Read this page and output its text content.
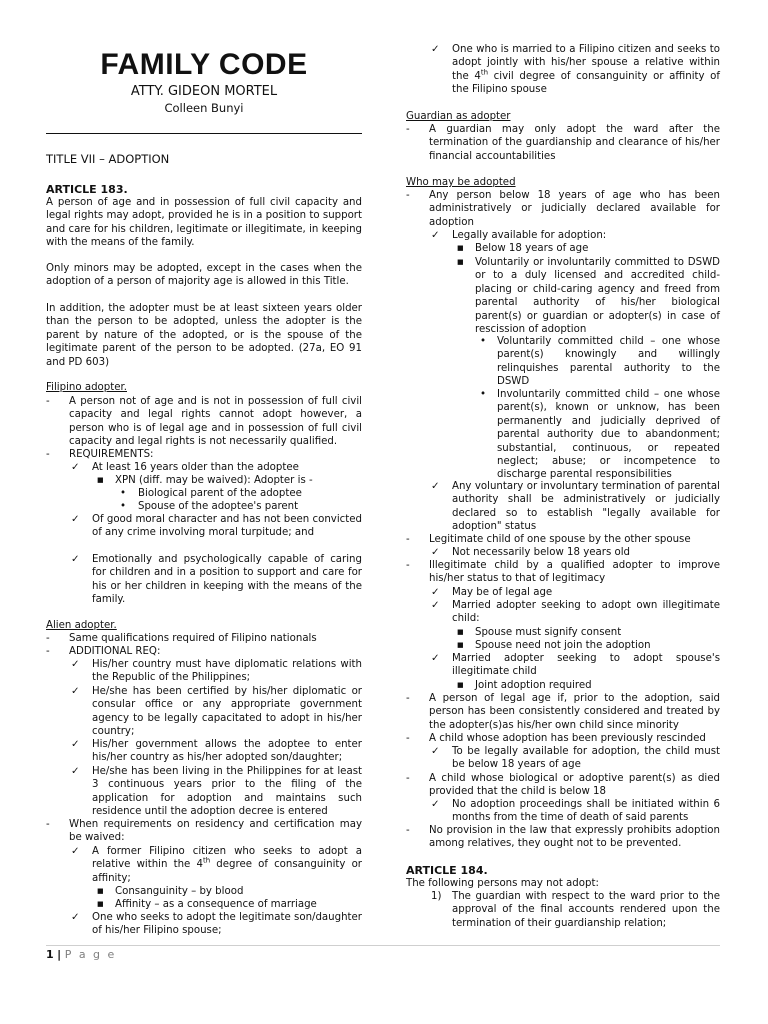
FAMILY CODE
ATTY. GIDEON MORTEL
Colleen Bunyi
TITLE VII – ADOPTION
ARTICLE 183.
A person of age and in possession of full civil capacity and legal rights may adopt, provided he is in a position to support and care for his children, legitimate or illegitimate, in keeping with the means of the family.
Only minors may be adopted, except in the cases when the adoption of a person of majority age is allowed in this Title.
In addition, the adopter must be at least sixteen years older than the person to be adopted, unless the adopter is the parent by nature of the adopted, or is the spouse of the legitimate parent of the person to be adopted. (27a, EO 91 and PD 603)
Filipino adopter.
- A person not of age and is not in possession of full civil capacity and legal rights cannot adopt however, a person who is of legal age and in possession of full civil capacity and legal rights is not necessarily qualified.
- REQUIREMENTS:
✓ At least 16 years older than the adoptee
■ XPN (diff. may be waived): Adopter is -
• Biological parent of the adoptee
• Spouse of the adoptee's parent
✓ Of good moral character and has not been convicted of any crime involving moral turpitude; and
✓ Emotionally and psychologically capable of caring for children and in a position to support and care for his or her children in keeping with the means of the family.
Alien adopter.
- Same qualifications required of Filipino nationals
- ADDITIONAL REQ:
✓ His/her country must have diplomatic relations with the Republic of the Philippines;
✓ He/she has been certified by his/her diplomatic or consular office or any appropriate government agency to be legally capacitated to adopt in his/her country;
✓ His/her government allows the adoptee to enter his/her country as his/her adopted son/daughter;
✓ He/she has been living in the Philippines for at least 3 continuous years prior to the filing of the application for adoption and maintains such residence until the adoption decree is entered
- When requirements on residency and certification may be waived:
✓ A former Filipino citizen who seeks to adopt a relative within the 4th degree of consanguinity or affinity;
■ Consanguinity – by blood
■ Affinity – as a consequence of marriage
✓ One who seeks to adopt the legitimate son/daughter of his/her Filipino spouse;
✓ One who is married to a Filipino citizen and seeks to adopt jointly with his/her spouse a relative within the 4th civil degree of consanguinity or affinity of the Filipino spouse
Guardian as adopter
- A guardian may only adopt the ward after the termination of the guardianship and clearance of his/her financial accountabilities
Who may be adopted
- Any person below 18 years of age who has been administratively or judicially declared available for adoption
✓ Legally available for adoption:
■ Below 18 years of age
■ Voluntarily or involuntarily committed to DSWD or to a duly licensed and accredited child-placing or child-caring agency and freed from parental authority of his/her biological parent(s) or guardian or adopter(s) in case of rescission of adoption
• Voluntarily committed child – one whose parent(s) knowingly and willingly relinquishes parental authority to the DSWD
• Involuntarily committed child – one whose parent(s), known or unknow, has been permanently and judicially deprived of parental authority due to abandonment; substantial, continuous, or repeated neglect; abuse; or incompetence to discharge parental responsibilities
✓ Any voluntary or involuntary termination of parental authority shall be administratively or judicially declared so to establish "legally available for adoption" status
- Legitimate child of one spouse by the other spouse
✓ Not necessarily below 18 years old
- Illegitimate child by a qualified adopter to improve his/her status to that of legitimacy
✓ May be of legal age
✓ Married adopter seeking to adopt own illegitimate child:
■ Spouse must signify consent
■ Spouse need not join the adoption
✓ Married adopter seeking to adopt spouse's illegitimate child
■ Joint adoption required
- A person of legal age if, prior to the adoption, said person has been consistently considered and treated by the adopter(s)as his/her own child since minority
- A child whose adoption has been previously rescinded
✓ To be legally available for adoption, the child must be below 18 years of age
- A child whose biological or adoptive parent(s) as died provided that the child is below 18
✓ No adoption proceedings shall be initiated within 6 months from the time of death of said parents
- No provision in the law that expressly prohibits adoption among relatives, they ought not to be prevented.
ARTICLE 184.
The following persons may not adopt:
1) The guardian with respect to the ward prior to the approval of the final accounts rendered upon the termination of their guardianship relation;
1 | P a g e
